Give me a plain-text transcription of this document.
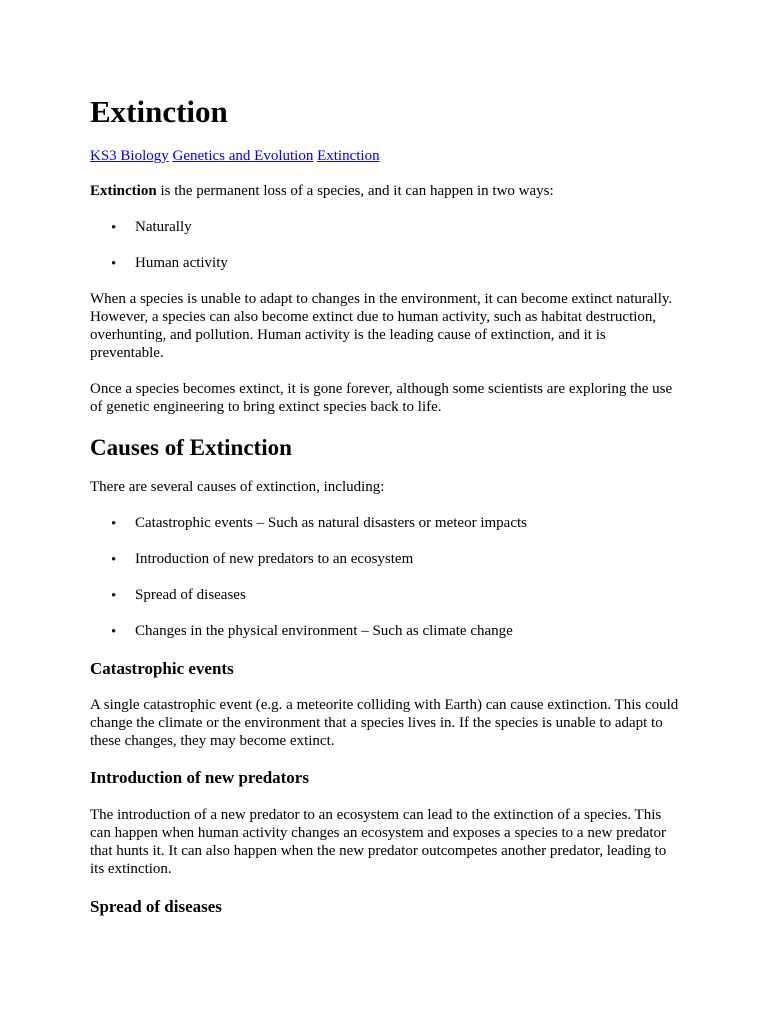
Extinction
KS3 Biology Genetics and Evolution Extinction

Extinction is the permanent loss of a species, and it can happen in two ways:

• Naturally

• Human activity

When a species is unable to adapt to changes in the environment, it can become extinct naturally. However, a species can also become extinct due to human activity, such as habitat destruction, overhunting, and pollution. Human activity is the leading cause of extinction, and it is preventable.

Once a species becomes extinct, it is gone forever, although some scientists are exploring the use of genetic engineering to bring extinct species back to life.

Causes of Extinction

There are several causes of extinction, including:

• Catastrophic events – Such as natural disasters or meteor impacts

• Introduction of new predators to an ecosystem

• Spread of diseases

• Changes in the physical environment – Such as climate change

Catastrophic events

A single catastrophic event (e.g. a meteorite colliding with Earth) can cause extinction. This could change the climate or the environment that a species lives in. If the species is unable to adapt to these changes, they may become extinct.

Introduction of new predators

The introduction of a new predator to an ecosystem can lead to the extinction of a species. This can happen when human activity changes an ecosystem and exposes a species to a new predator that hunts it. It can also happen when the new predator outcompetes another predator, leading to its extinction.

Spread of diseases
